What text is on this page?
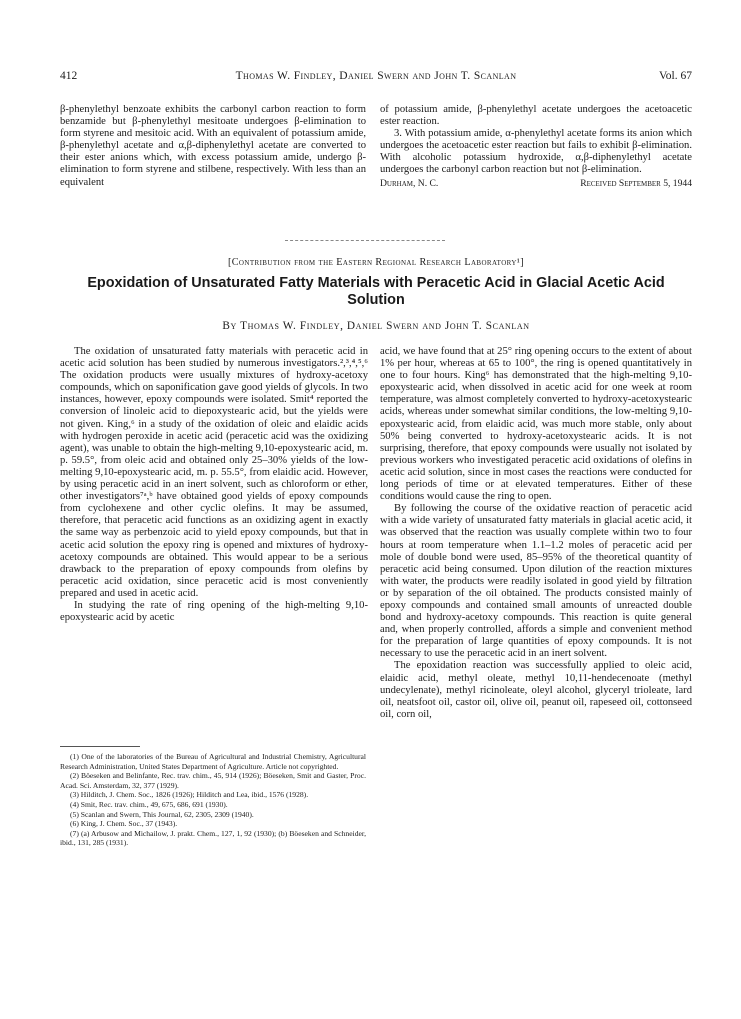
412	Thomas W. Findley, Daniel Swern and John T. Scanlan	Vol. 67

β-phenylethyl benzoate exhibits the carbonyl carbon reaction to form benzamide but β-phenylethyl mesitoate undergoes β-elimination to form styrene and mesitoic acid. With an equivalent of potassium amide, β-phenylethyl acetate and α,β-diphenylethyl acetate are converted to their ester anions which, with excess potassium amide, undergo β-elimination to form styrene and stilbene, respectively. With less than an equivalent

of potassium amide, β-phenylethyl acetate undergoes the acetoacetic ester reaction.

3. With potassium amide, α-phenylethyl acetate forms its anion which undergoes the acetoacetic ester reaction but fails to exhibit β-elimination. With alcoholic potassium hydroxide, α,β-diphenylethyl acetate undergoes the carbonyl carbon reaction but not β-elimination.

Durham, N. C.	Received September 5, 1944
[Contribution from the Eastern Regional Research Laboratory¹]
Epoxidation of Unsaturated Fatty Materials with Peracetic Acid in Glacial Acetic Acid Solution
By Thomas W. Findley, Daniel Swern and John T. Scanlan

The oxidation of unsaturated fatty materials with peracetic acid in acetic acid solution has been studied by numerous investigators.²,³,⁴,⁵,⁶ The oxidation products were usually mixtures of hydroxy-acetoxy compounds, which on saponification gave good yields of glycols. In two instances, however, epoxy compounds were isolated. Smit⁴ reported the conversion of linoleic acid to diepoxystearic acid, but the yields were not given. King,⁶ in a study of the oxidation of oleic and elaidic acids with hydrogen peroxide in acetic acid (peracetic acid was the oxidizing agent), was unable to obtain the high-melting 9,10-epoxystearic acid, m. p. 59.5°, from oleic acid and obtained only 25–30% yields of the low-melting 9,10-epoxystearic acid, m. p. 55.5°, from elaidic acid. However, by using peracetic acid in an inert solvent, such as chloroform or ether, other investigators⁷ᵃ,ᵇ have obtained good yields of epoxy compounds from cyclohexene and other cyclic olefins. It may be assumed, therefore, that peracetic acid functions as an oxidizing agent in exactly the same way as perbenzoic acid to yield epoxy compounds, but that in acetic acid solution the epoxy ring is opened and mixtures of hydroxy-acetoxy compounds are obtained. This would appear to be a serious drawback to the preparation of epoxy compounds from olefins by peracetic acid oxidation, since peracetic acid is most conveniently prepared and used in acetic acid.

In studying the rate of ring opening of the high-melting 9,10-epoxystearic acid by acetic

(1) One of the laboratories of the Bureau of Agricultural and Industrial Chemistry, Agricultural Research Administration, United States Department of Agriculture. Article not copyrighted.

(2) Böeseken and Belinfante, Rec. trav. chim., 45, 914 (1926); Böeseken, Smit and Gaster, Proc. Acad. Sci. Amsterdam, 32, 377 (1929).

(3) Hilditch, J. Chem. Soc., 1826 (1926); Hilditch and Lea, ibid., 1576 (1928).

(4) Smit, Rec. trav. chim., 49, 675, 686, 691 (1930).

(5) Scanlan and Swern, This Journal, 62, 2305, 2309 (1940).

(6) King, J. Chem. Soc., 37 (1943).

(7) (a) Arbusow and Michailow, J. prakt. Chem., 127, 1, 92 (1930); (b) Böeseken and Schneider, ibid., 131, 285 (1931).

acid, we have found that at 25° ring opening occurs to the extent of about 1% per hour, whereas at 65 to 100°, the ring is opened quantitatively in one to four hours. King⁶ has demonstrated that the high-melting 9,10-epoxystearic acid, when dissolved in acetic acid for one week at room temperature, was almost completely converted to hydroxy-acetoxystearic acids, whereas under somewhat similar conditions, the low-melting 9,10-epoxystearic acid, from elaidic acid, was much more stable, only about 50% being converted to hydroxy-acetoxystearic acids. It is not surprising, therefore, that epoxy compounds were usually not isolated by previous workers who investigated peracetic acid oxidations of olefins in acetic acid solution, since in most cases the reactions were conducted for long periods of time or at elevated temperatures. Either of these conditions would cause the ring to open.

By following the course of the oxidative reaction of peracetic acid with a wide variety of unsaturated fatty materials in glacial acetic acid, it was observed that the reaction was usually complete within two to four hours at room temperature when 1.1–1.2 moles of peracetic acid per mole of double bond were used, 85–95% of the theoretical quantity of peracetic acid being consumed. Upon dilution of the reaction mixtures with water, the products were readily isolated in good yield by filtration or by separation of the oil obtained. The products consisted mainly of epoxy compounds and contained small amounts of unreacted double bond and hydroxy-acetoxy compounds. This reaction is quite general and, when properly controlled, affords a simple and convenient method for the preparation of large quantities of epoxy compounds. It is not necessary to use the peracetic acid in an inert solvent.

The epoxidation reaction was successfully applied to oleic acid, elaidic acid, methyl oleate, methyl 10,11-hendecenoate (methyl undecylenate), methyl ricinoleate, oleyl alcohol, glyceryl trioleate, lard oil, neatsfoot oil, castor oil, olive oil, peanut oil, rapeseed oil, cottonseed oil, corn oil,
